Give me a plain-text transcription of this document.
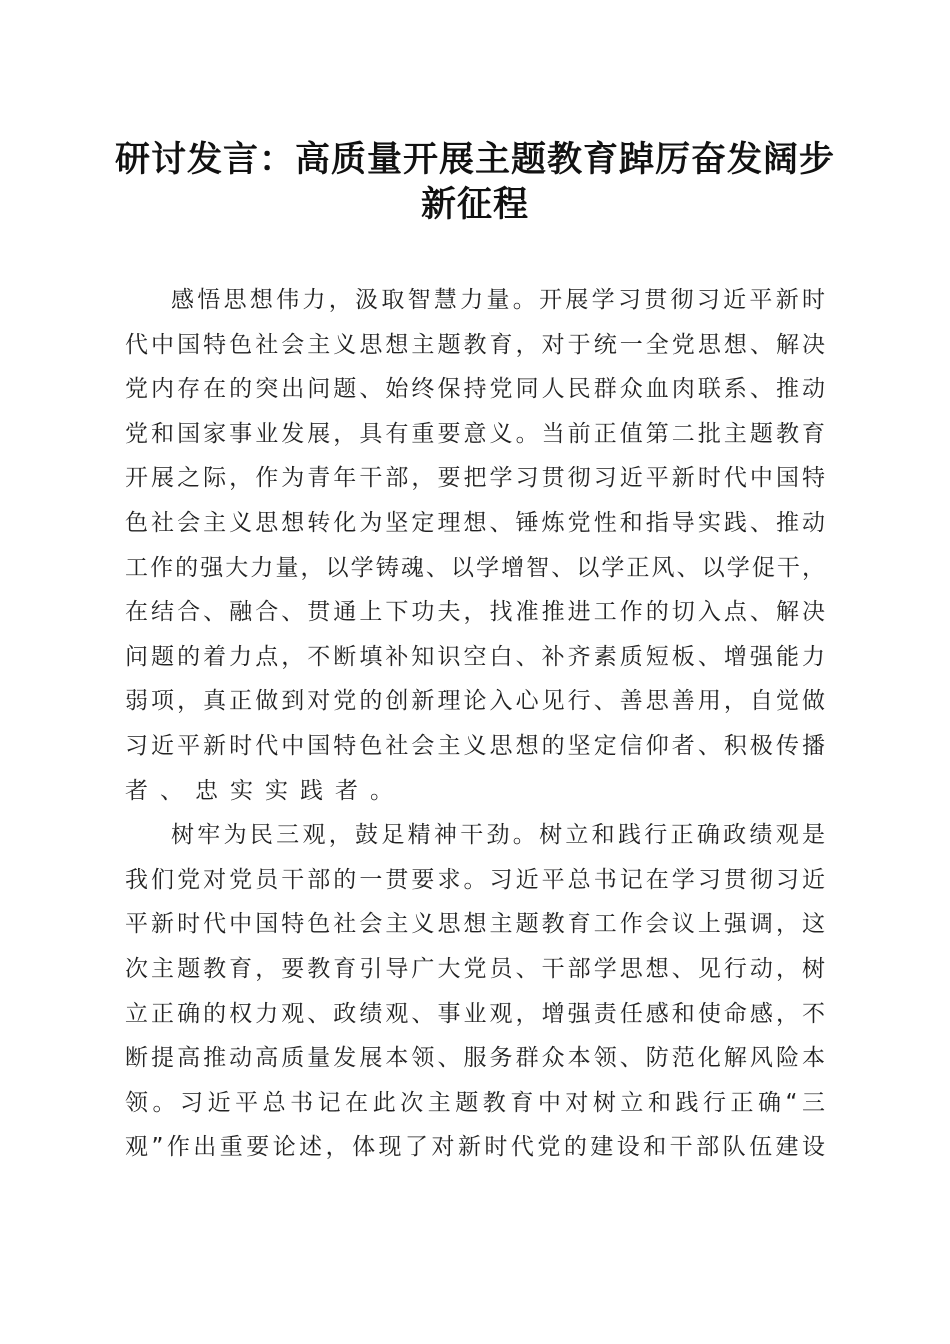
研讨发言：高质量开展主题教育踔厉奋发阔步
新征程
感悟思想伟力，汲取智慧力量。开展学习贯彻习近平新时
代中国特色社会主义思想主题教育，对于统一全党思想、解决
党内存在的突出问题、始终保持党同人民群众血肉联系、推动
党和国家事业发展，具有重要意义。当前正值第二批主题教育
开展之际，作为青年干部，要把学习贯彻习近平新时代中国特
色社会主义思想转化为坚定理想、锤炼党性和指导实践、推动
工作的强大力量，以学铸魂、以学增智、以学正风、以学促干，
在结合、融合、贯通上下功夫，找准推进工作的切入点、解决
问题的着力点，不断填补知识空白、补齐素质短板、增强能力
弱项，真正做到对党的创新理论入心见行、善思善用，自觉做
习近平新时代中国特色社会主义思想的坚定信仰者、积极传播
者、忠实实践者。
树牢为民三观，鼓足精神干劲。树立和践行正确政绩观是
我们党对党员干部的一贯要求。习近平总书记在学习贯彻习近
平新时代中国特色社会主义思想主题教育工作会议上强调，这
次主题教育，要教育引导广大党员、干部学思想、见行动，树
立正确的权力观、政绩观、事业观，增强责任感和使命感，不
断提高推动高质量发展本领、服务群众本领、防范化解风险本
领。习近平总书记在此次主题教育中对树立和践行正确“三
观”作出重要论述，体现了对新时代党的建设和干部队伍建设
